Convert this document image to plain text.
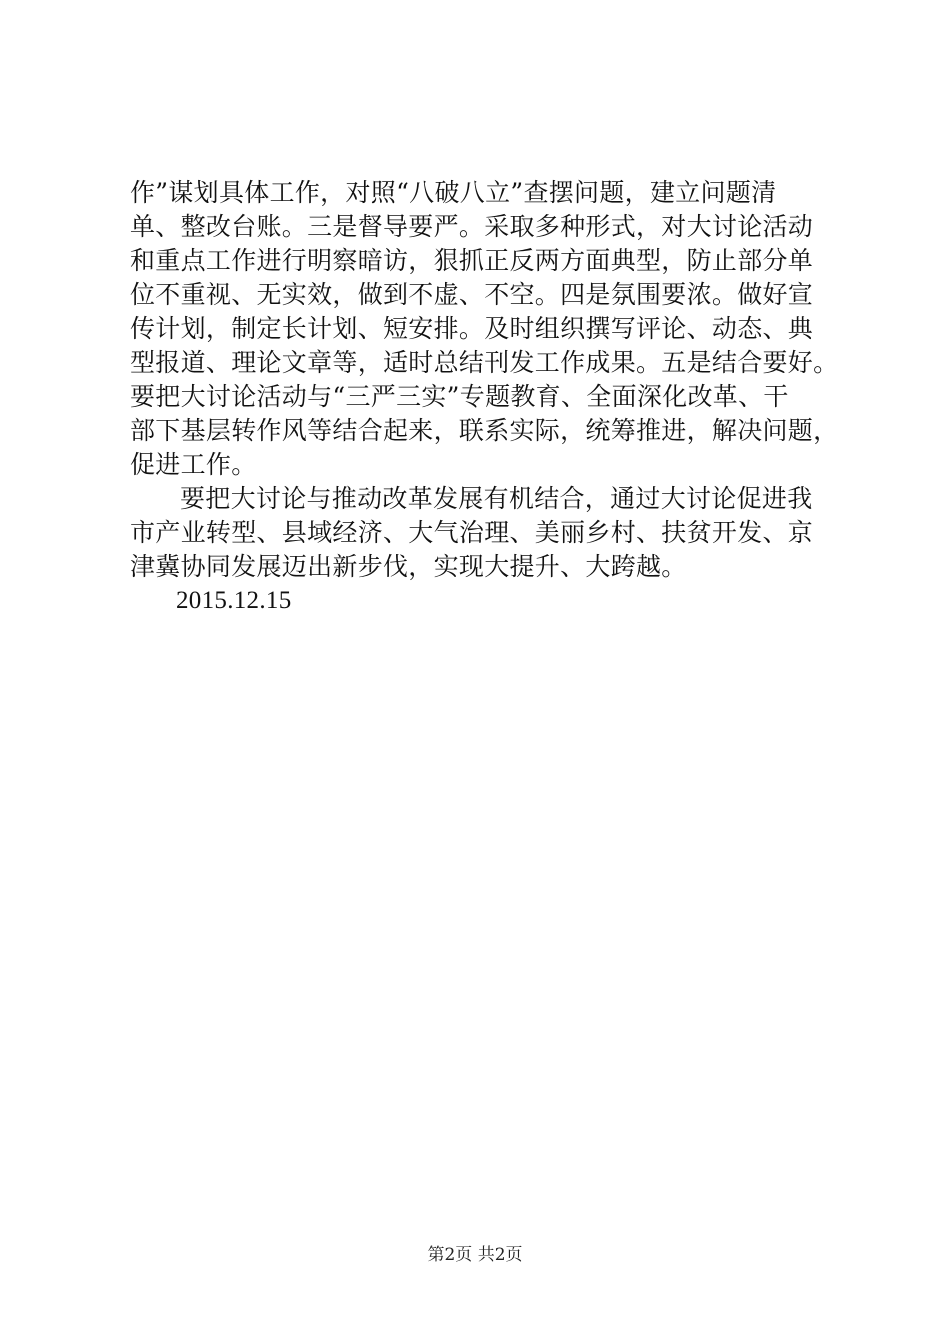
作”谋划具体工作，对照“八破八立”查摆问题，建立问题清
单、整改台账。三是督导要严。采取多种形式，对大讨论活动
和重点工作进行明察暗访，狠抓正反两方面典型，防止部分单
位不重视、无实效，做到不虚、不空。四是氛围要浓。做好宣
传计划，制定长计划、短安排。及时组织撰写评论、动态、典
型报道、理论文章等，适时总结刊发工作成果。五是结合要好。
要把大讨论活动与“三严三实”专题教育、全面深化改革、干
部下基层转作风等结合起来，联系实际，统筹推进，解决问题，
促进工作。
要把大讨论与推动改革发展有机结合，通过大讨论促进我
市产业转型、县域经济、大气治理、美丽乡村、扶贫开发、京
津冀协同发展迈出新步伐，实现大提升、大跨越。
2015.12.15
第2页 共2页
